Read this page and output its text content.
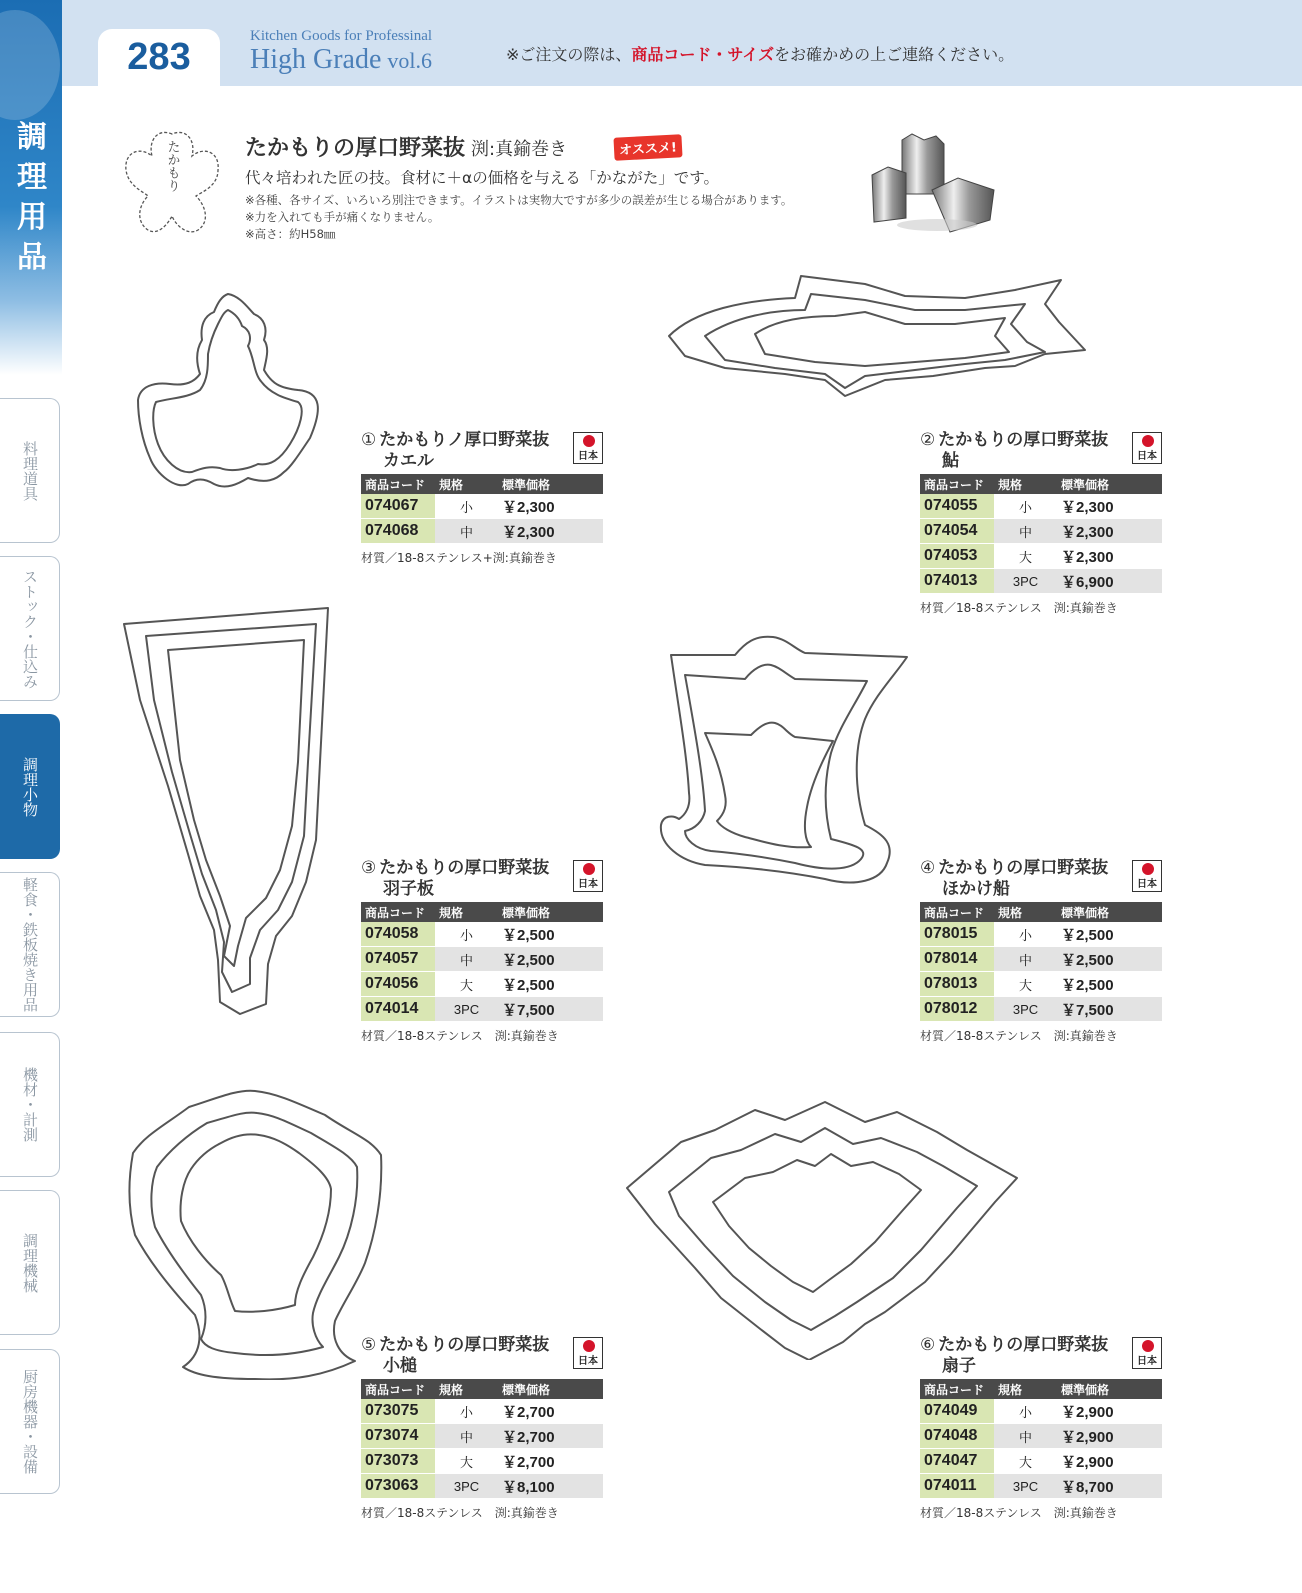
283	Kitchen Goods for Professinal
High Grade vol.6	※ご注文の際は、商品コード・サイズをお確かめの上ご連絡ください。
調理用品
料理道具
ストック・仕込み
調理小物
軽食・鉄板焼き用品
機材・計測
調理機械
厨房機器・設備
たかもり	たかもりの厚口野菜抜 渕:真鍮巻き	オススメ!
代々培われた匠の技。食材に＋αの価格を与える「かながた」です。
※各種、各サイズ、いろいろ別注できます。イラストは実物大ですが多少の誤差が生じる場合があります。
※力を入れても手が痛くなりません。
※高さ：約H58㎜
① たかもりノ厚口野菜抜
カエル	日本
商品コード	規格	標準価格
074067	小	￥2,300
074068	中	￥2,300
材質／18-8ステンレス+渕:真鍮巻き
② たかもりの厚口野菜抜
鮎	日本
商品コード	規格	標準価格
074055	小	￥2,300
074054	中	￥2,300
074053	大	￥2,300
074013	3PC	￥6,900
材質／18-8ステンレス　渕:真鍮巻き
③ たかもりの厚口野菜抜
羽子板	日本
商品コード	規格	標準価格
074058	小	￥2,500
074057	中	￥2,500
074056	大	￥2,500
074014	3PC	￥7,500
材質／18-8ステンレス　渕:真鍮巻き
④ たかもりの厚口野菜抜
ほかけ船	日本
商品コード	規格	標準価格
078015	小	￥2,500
078014	中	￥2,500
078013	大	￥2,500
078012	3PC	￥7,500
材質／18-8ステンレス　渕:真鍮巻き
⑤ たかもりの厚口野菜抜
小槌	日本
商品コード	規格	標準価格
073075	小	￥2,700
073074	中	￥2,700
073073	大	￥2,700
073063	3PC	￥8,100
材質／18-8ステンレス　渕:真鍮巻き
⑥ たかもりの厚口野菜抜
扇子	日本
商品コード	規格	標準価格
074049	小	￥2,900
074048	中	￥2,900
074047	大	￥2,900
074011	3PC	￥8,700
材質／18-8ステンレス　渕:真鍮巻き
